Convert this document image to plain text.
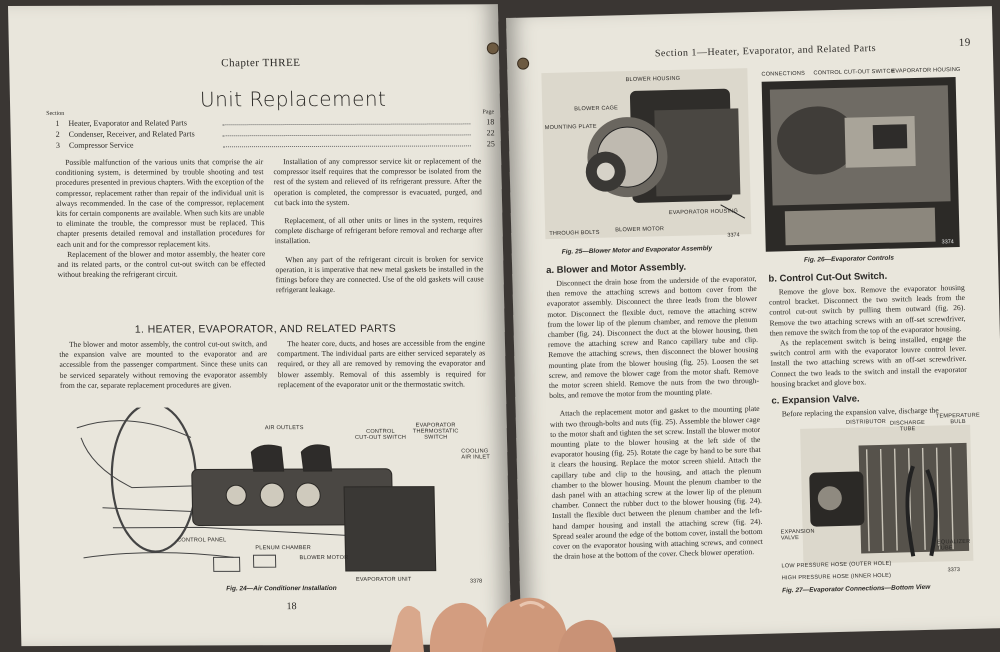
Chapter THREE
Unit Replacement
Section	Page
1	Heater, Evaporator and Related Parts	18
2	Condenser, Receiver, and Related Parts	22
3	Compressor Service	25

Possible malfunction of the various units that comprise the air conditioning system, is determined by trouble shooting and test procedures presented in previous chapters. With the exception of the compressor, replacement rather than repair of the individual unit is always recommended. In the case of the compressor, replacement kits for certain components are available. When such kits are unable to eliminate the trouble, the compressor must be replaced. This chapter presents detailed removal and installation procedures for each unit and for the compressor replacement kits.

Replacement of the blower and motor assembly, the heater core and its related parts, or the control cut-out switch can be effected without breaking the refrigerant circuit.

Installation of any compressor service kit or replacement of the compressor itself requires that the compressor be isolated from the rest of the system and relieved of its refrigerant pressure. After the operation is completed, the compressor is evacuated, purged, and cut back into the system.

Replacement, of all other units or lines in the system, requires complete discharge of refrigerant before removal and recharge after installation.

When any part of the refrigerant circuit is broken for service operation, it is imperative that new metal gaskets be installed in the fittings before they are connected. Use of the old gaskets will cause refrigerant leakage.

1. HEATER, EVAPORATOR, AND RELATED PARTS

The blower and motor assembly, the control cut-out switch, and the expansion valve are mounted to the evaporator and are accessible from the passenger compartment. Since these units can be serviced separately without removing the evaporator assembly from the car, separate replacement procedures are given.

The heater core, ducts, and hoses are accessible from the engine compartment. The individual parts are either serviced separately as required, or they all are removed by removing the evaporator and blower assembly. Removal of this assembly is required for replacement of the evaporator unit or the thermostatic switch.

AIR OUTLETS
CONTROL
CUT-OUT SWITCH
EVAPORATOR
THERMOSTATIC
SWITCH
COOLING
AIR INLET
CONTROL PANEL
PLENUM CHAMBER
BLOWER MOTOR
EVAPORATOR UNIT	3378
Fig. 24—Air Conditioner Installation
18
Section 1—Heater, Evaporator, and Related Parts
19
BLOWER HOUSING
BLOWER CAGE
MOUNTING PLATE
THROUGH BOLTS	BLOWER MOTOR
EVAPORATOR HOUSING
3374
Fig. 25—Blower Motor and Evaporator Assembly
CONNECTIONS CONTROL CUT-OUT SWITCH
EVAPORATOR HOUSING
3374
Fig. 26—Evaporator Controls
a. Blower and Motor Assembly.

Disconnect the drain hose from the underside of the evaporator, then remove the attaching screws and bottom cover from the evaporator assembly. Disconnect the three leads from the blower motor. Disconnect the flexible duct, remove the attaching screw from the lower lip of the plenum chamber, and remove the plenum chamber (fig. 24). Disconnect the duct at the blower housing, then remove the attaching screw and Ranco capillary tube and clip. Remove the attaching screws, then disconnect the blower housing mounting plate from the blower housing (fig. 25). Loosen the set screw, and remove the blower cage from the motor shaft. Remove the motor screen shield. Remove the nuts from the two through-bolts, and remove the motor from the mounting plate.

Attach the replacement motor and gasket to the mounting plate with two through-bolts and nuts (fig. 25). Assemble the blower cage to the motor shaft and tighten the set screw. Install the blower motor mounting plate to the blower housing at the left side of the evaporator housing (fig. 25). Rotate the cage by hand to be sure that it clears the housing. Replace the motor screen shield. Attach the capillary tube and clip to the housing, and attach the plenum chamber to the blower housing. Mount the plenum chamber to the dash panel with an attaching screw at the lower lip of the plenum chamber. Connect the rubber duct to the blower housing (fig. 24). Install the flexible duct between the plenum chamber and the left-hand damper housing and install the attaching screw (fig. 24). Spread sealer around the edge of the bottom cover, install the bottom cover on the evaporator housing with attaching screws, and connect the drain hose at the bottom of the cover. Check blower operation.

b. Control Cut-Out Switch.

Remove the glove box. Remove the evaporator housing control bracket. Disconnect the two switch leads from the control cut-out switch by pulling them outward (fig. 26). Remove the two attaching screws with an off-set screwdriver, then remove the switch from the top of the evaporator housing.

As the replacement switch is being installed, engage the switch control arm with the evaporator louvre control lever. Install the two attaching screws with an off-set screwdriver. Connect the two leads to the switch and install the evaporator housing bracket and glove box.

c. Expansion Valve.

Before replacing the expansion valve, discharge the

DISTRIBUTOR DISCHARGE
TUBE
TEMPERATURE
BULB
EXPANSION
VALVE
EQUALIZER
TUBE
LOW PRESSURE HOSE (OUTER HOLE)
HIGH PRESSURE HOSE (INNER HOLE)
3373
Fig. 27—Evaporator Connections—Bottom View
